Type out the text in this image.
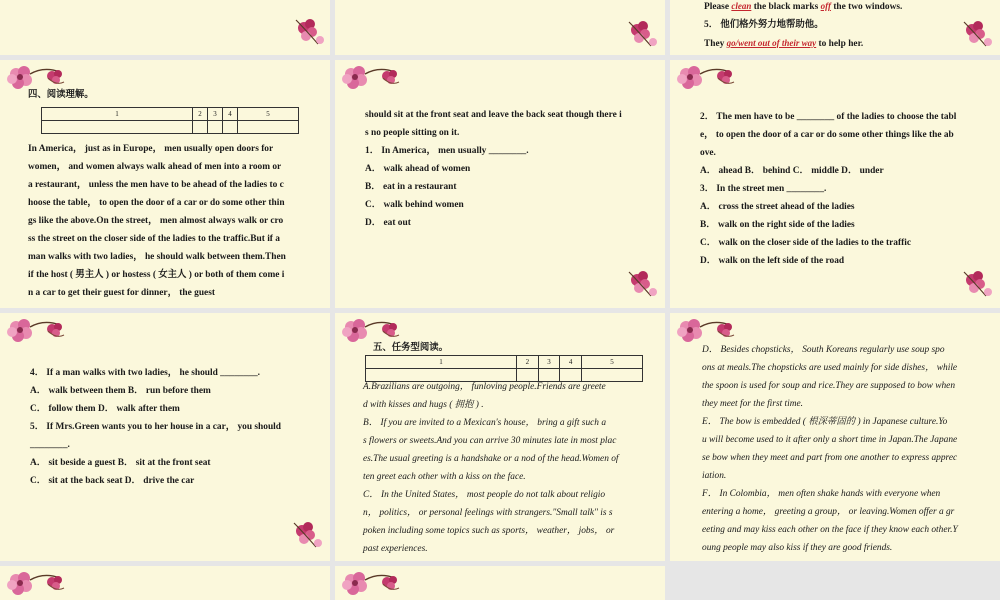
Please clean the black marks off the two windows.
5． 他们格外努力地帮助他。
They go/went out of their way to help her.
四、阅读理解。
1	2	3	4	5

In America， just as in Europe， men usually open doors for
women， and women always walk ahead of men into a room or
a restaurant， unless the men have to be ahead of the ladies to c
hoose the table， to open the door of a car or do some other thin
gs like the above.On the street， men almost always walk or cro
ss the street on the closer side of the ladies to the traffic.But if a
man walks with two ladies， he should walk between them.Then
if the host ( 男主人 ) or hostess ( 女主人 ) or both of them come i
n a car to get their guest for dinner， the guest
should sit at the front seat and leave the back seat though there i
s no people sitting on it.
1． In America， men usually ________.
A． walk ahead of women
B． eat in a restaurant
C． walk behind women
D． eat out
2． The men have to be ________ of the ladies to choose the tabl
e， to open the door of a car or do some other things like the ab
ove.
A． ahead B． behind C． middle D． under
3． In the street men ________.
A． cross the street ahead of the ladies
B． walk on the right side of the ladies
C． walk on the closer side of the ladies to the traffic
D． walk on the left side of the road
4． If a man walks with two ladies， he should ________.
A． walk between them B． run before them
C． follow them D． walk after them
5． If Mrs.Green wants you to her house in a car， you should
________.
A． sit beside a guest B． sit at the front seat
C． sit at the back seat D． drive the car
五、任务型阅读。
1	2	3	4	5

A.Brazilians are outgoing， funloving people.Friends are greete
d with kisses and hugs ( 拥抱 ) .
B． If you are invited to a Mexican's house， bring a gift such a
s flowers or sweets.And you can arrive 30 minutes late in most plac
es.The usual greeting is a handshake or a nod of the head.Women of
ten greet each other with a kiss on the face.
C． In the United States， most people do not talk about religio
n， politics， or personal feelings with strangers."Small talk" is s
poken including some topics such as sports， weather， jobs， or
past experiences.
D． Besides chopsticks， South Koreans regularly use soup spo
ons at meals.The chopsticks are used mainly for side dishes， while
the spoon is used for soup and rice.They are supposed to bow when
they meet for the first time.
E． The bow is embedded ( 根深蒂固的 ) in Japanese culture.Yo
u will become used to it after only a short time in Japan.The Japane
se bow when they meet and part from one another to express apprec
iation.
F． In Colombia， men often shake hands with everyone when
entering a home， greeting a group， or leaving.Women offer a gr
eeting and may kiss each other on the face if they know each other.Y
oung people may also kiss if they are good friends.
